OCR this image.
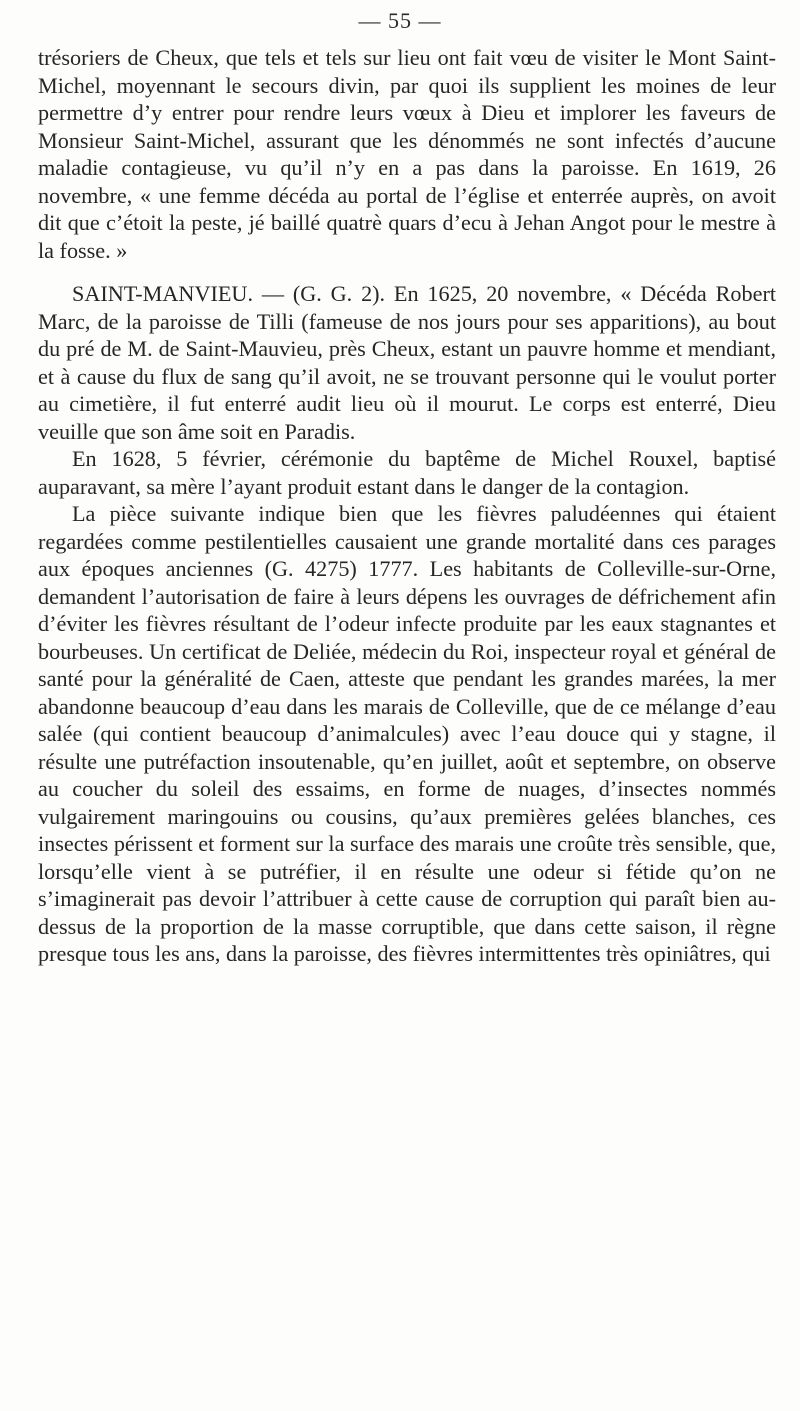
— 55 —

trésoriers de Cheux, que tels et tels sur lieu ont fait vœu de visiter le Mont Saint-Michel, moyennant le secours divin, par quoi ils supplient les moines de leur permettre d’y entrer pour rendre leurs vœux à Dieu et implorer les faveurs de Monsieur Saint-Michel, assurant que les dénommés ne sont infectés d’aucune maladie contagieuse, vu qu’il n’y en a pas dans la paroisse. En 1619, 26 novembre, « une femme décéda au portal de l’église et enterrée auprès, on avoit dit que c’étoit la peste, jé baillé quatrè quars d’ecu à Jehan Angot pour le mestre à la fosse. »

SAINT-MANVIEU. — (G. G. 2). En 1625, 20 novembre, « Décéda Robert Marc, de la paroisse de Tilli (fameuse de nos jours pour ses apparitions), au bout du pré de M. de Saint-Mauvieu, près Cheux, estant un pauvre homme et mendiant, et à cause du flux de sang qu’il avoit, ne se trouvant personne qui le voulut porter au cimetière, il fut enterré audit lieu où il mourut. Le corps est enterré, Dieu veuille que son âme soit en Paradis.

En 1628, 5 février, cérémonie du baptême de Michel Rouxel, baptisé auparavant, sa mère l’ayant produit estant dans le danger de la contagion.

La pièce suivante indique bien que les fièvres paludéennes qui étaient regardées comme pestilentielles causaient une grande mortalité dans ces parages aux époques anciennes (G. 4275) 1777. Les habitants de Colleville-sur-Orne, demandent l’autorisation de faire à leurs dépens les ouvrages de défrichement afin d’éviter les fièvres résultant de l’odeur infecte produite par les eaux stagnantes et bourbeuses. Un certificat de Deliée, médecin du Roi, inspecteur royal et général de santé pour la généralité de Caen, atteste que pendant les grandes marées, la mer abandonne beaucoup d’eau dans les marais de Colleville, que de ce mélange d’eau salée (qui contient beaucoup d’animalcules) avec l’eau douce qui y stagne, il résulte une putréfaction insoutenable, qu’en juillet, août et septembre, on observe au coucher du soleil des essaims, en forme de nuages, d’insectes nommés vulgairement maringouins ou cousins, qu’aux premières gelées blanches, ces insectes périssent et forment sur la surface des marais une croûte très sensible, que, lorsqu’elle vient à se putréfier, il en résulte une odeur si fétide qu’on ne s’imaginerait pas devoir l’attribuer à cette cause de corruption qui paraît bien au-dessus de la proportion de la masse corruptible, que dans cette saison, il règne presque tous les ans, dans la paroisse, des fièvres intermittentes très opiniâtres, qui
